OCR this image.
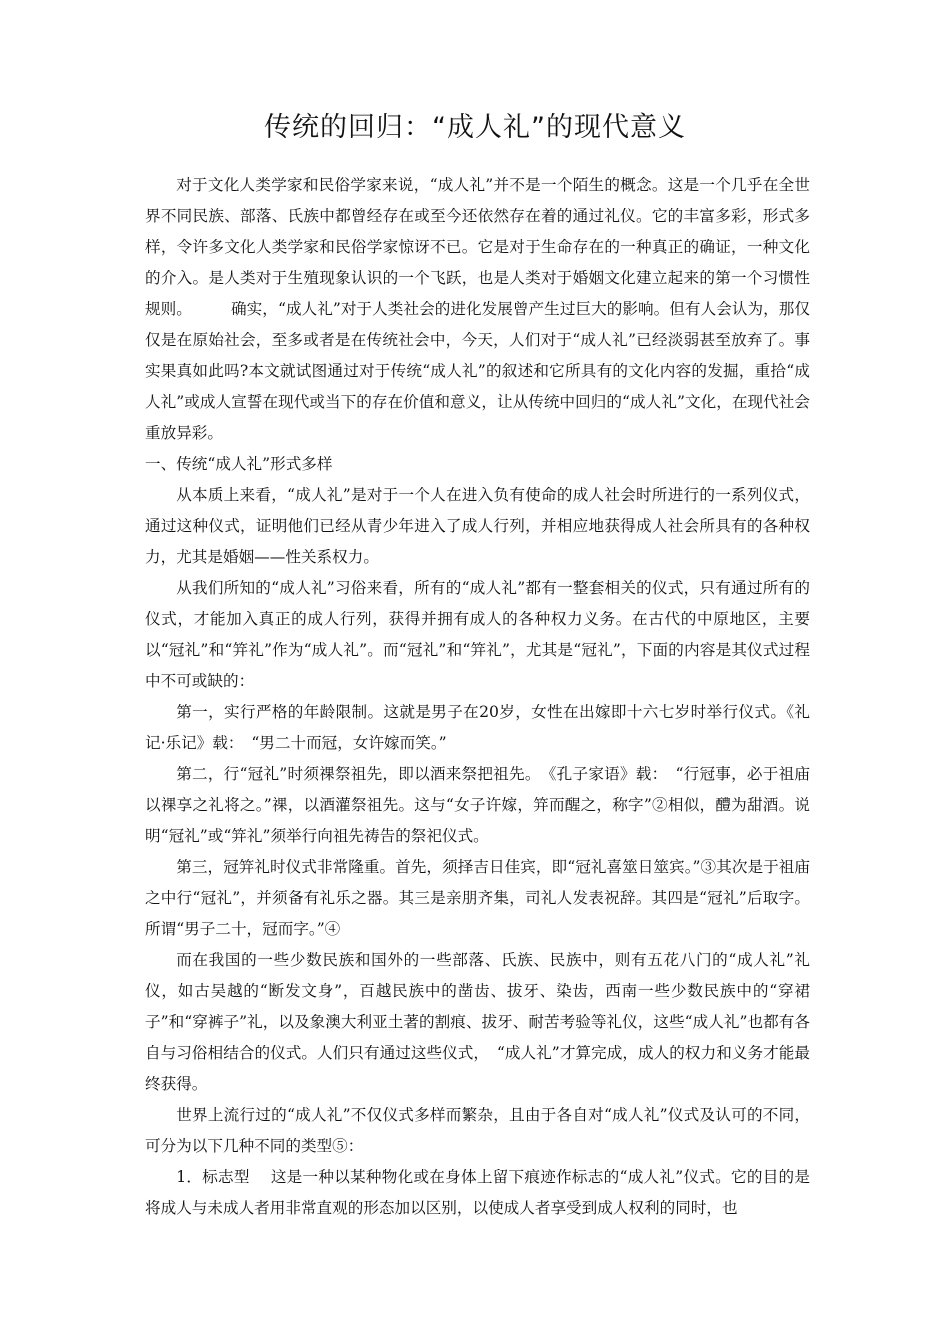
传统的回归：“成人礼”的现代意义

对于文化人类学家和民俗学家来说，“成人礼”并不是一个陌生的概念。这是一个几乎在全世界不同民族、部落、氏族中都曾经存在或至今还依然存在着的通过礼仪。它的丰富多彩，形式多样，令许多文化人类学家和民俗学家惊讶不已。它是对于生命存在的一种真正的确证，一种文化的介入。是人类对于生殖现象认识的一个飞跃，也是人类对于婚姻文化建立起来的第一个习惯性规则。　　　确实，“成人礼”对于人类社会的进化发展曾产生过巨大的影响。但有人会认为，那仅仅是在原始社会，至多或者是在传统社会中，今天，人们对于“成人礼”已经淡弱甚至放弃了。事实果真如此吗?本文就试图通过对于传统“成人礼”的叙述和它所具有的文化内容的发掘，重拾“成人礼”或成人宣誓在现代或当下的存在价值和意义，让从传统中回归的“成人礼”文化，在现代社会重放异彩。

一、传统“成人礼”形式多样

从本质上来看，“成人礼”是对于一个人在进入负有使命的成人社会时所进行的一系列仪式，通过这种仪式，证明他们已经从青少年进入了成人行列，并相应地获得成人社会所具有的各种权力，尤其是婚姻——性关系权力。

从我们所知的“成人礼”习俗来看，所有的“成人礼”都有一整套相关的仪式，只有通过所有的仪式，才能加入真正的成人行列，获得并拥有成人的各种权力义务。在古代的中原地区，主要以“冠礼”和“笄礼”作为“成人礼”。而“冠礼”和“笄礼”，尤其是“冠礼”，下面的内容是其仪式过程中不可或缺的：

第一，实行严格的年龄限制。这就是男子在20岁，女性在出嫁即十六七岁时举行仪式。《礼记·乐记》载：　“男二十而冠，女许嫁而笑。”

第二，行“冠礼”时须祼祭祖先，即以酒来祭把祖先。　《孔子家语》载：　“行冠事，必于祖庙以祼享之礼将之。”祼，以酒灌祭祖先。这与“女子许嫁，笄而醒之，称字”②相似，醴为甜酒。说明“冠礼”或“笄礼”须举行向祖先祷告的祭祀仪式。

第三，冠笄礼时仪式非常隆重。首先，须择吉日佳宾，即“冠礼喜筮日筮宾。”③其次是于祖庙之中行“冠礼”，并须备有礼乐之器。其三是亲朋齐集，司礼人发表祝辞。其四是“冠礼”后取字。所谓“男子二十，冠而字。”④

而在我国的一些少数民族和国外的一些部落、氏族、民族中，则有五花八门的“成人礼”礼仪，如古吴越的“断发文身”，百越民族中的凿齿、拔牙、染齿，西南一些少数民族中的“穿裙子”和“穿裤子”礼，以及象澳大利亚土著的割痕、拔牙、耐苦考验等礼仪，这些“成人礼”也都有各自与习俗相结合的仪式。人们只有通过这些仪式，　“成人礼”才算完成，成人的权力和义务才能最终获得。

世界上流行过的“成人礼”不仅仪式多样而繁杂，且由于各自对“成人礼”仪式及认可的不同，可分为以下几种不同的类型⑤：

1．标志型　 这是一种以某种物化或在身体上留下痕迹作标志的“成人礼”仪式。它的目的是将成人与未成人者用非常直观的形态加以区别，以使成人者享受到成人权利的同时，也
